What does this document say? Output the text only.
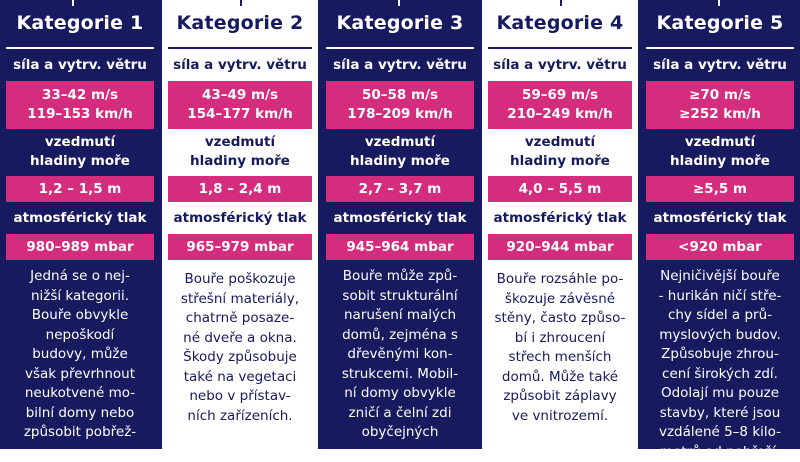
Kategorie 1
síla a vytrv. větru
33–42 m/s
119–153 km/h
vzedmutí
hladiny moře
1,2 – 1,5 m
atmosférický tlak
980–989 mbar
Jedná se o nej-
nižší kategorii.
Bouře obvykle
nepoškodí
budovy, může
však převrhnout
neukotvené mo-
bilní domy nebo
způsobit pobřež-
Kategorie 2
síla a vytrv. větru
43–49 m/s
154–177 km/h
vzedmutí
hladiny moře
1,8 – 2,4 m
atmosférický tlak
965–979 mbar
Bouře poškozuje
střešní materiály,
chatrně posaze-
né dveře a okna.
Škody způsobuje
také na vegetaci
nebo v přístav-
ních zařízeních.
Kategorie 3
síla a vytrv. větru
50–58 m/s
178–209 km/h
vzedmutí
hladiny moře
2,7 – 3,7 m
atmosférický tlak
945–964 mbar
Bouře může způ-
sobit strukturální
narušení malých
domů, zejména s
dřevěnými kon-
strukcemi. Mobil-
ní domy obvykle
zničí a čelní zdi
obyčejných
Kategorie 4
síla a vytrv. větru
59–69 m/s
210–249 km/h
vzedmutí
hladiny moře
4,0 – 5,5 m
atmosférický tlak
920–944 mbar
Bouře rozsáhle po-
škozuje závěsné
stěny, často způso-
bí i zhroucení
střech menších
domů. Může také
způsobit záplavy
ve vnitrozemí.
Kategorie 5
síla a vytrv. větru
≥70 m/s
≥252 km/h
vzedmutí
hladiny moře
≥5,5 m
atmosférický tlak
<920 mbar
Nejničivější bouře
- hurikán ničí stře-
chy sídel a prů-
myslových budov.
Způsobuje zhrou-
cení širokých zdí.
Odolají mu pouze
stavby, které jsou
vzdálené 5–8 kilo-
metrů od pobřeží,
